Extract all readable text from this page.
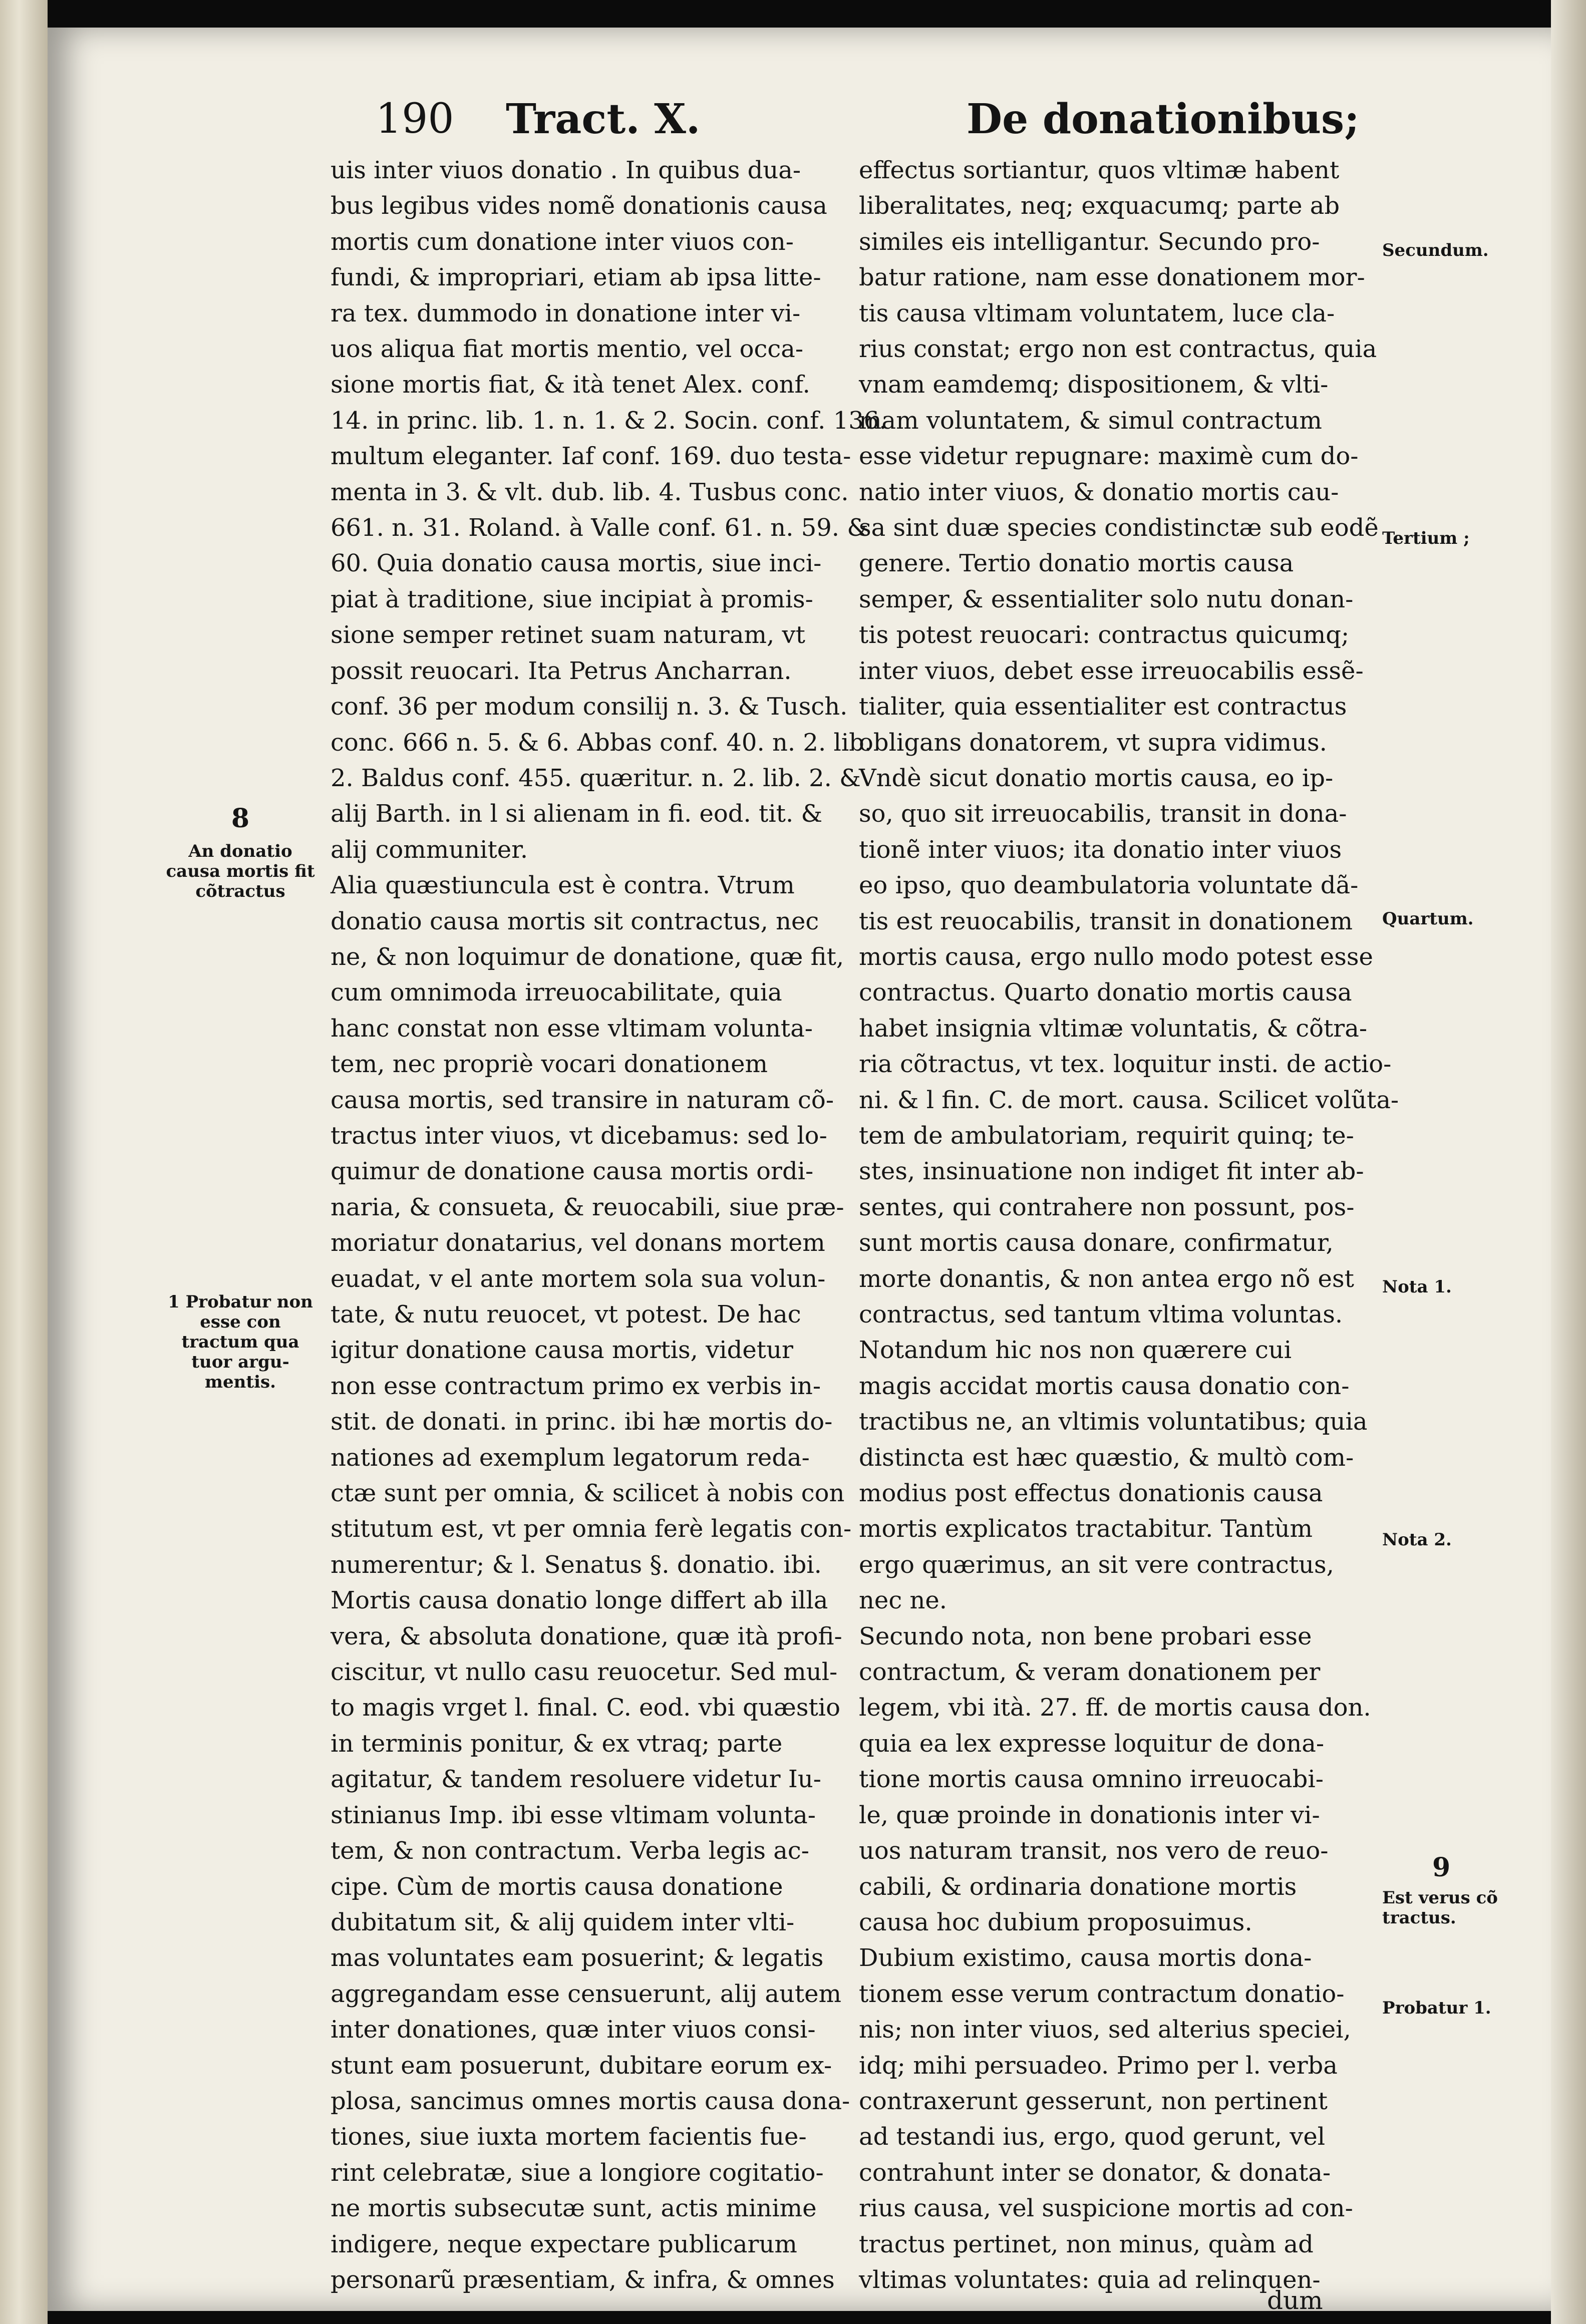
190 Tract. X.	De donationibus;
uis inter viuos donatio . In quibus dua-
bus legibus vides nomẽ donationis causa
mortis cum donatione inter viuos con-
fundi, & impropriari, etiam ab ipsa litte-
ra tex. dummodo in donatione inter vi-
uos aliqua fiat mortis mentio, vel occa-
sione mortis fiat, & ità tenet Alex. conf.
14. in princ. lib. 1. n. 1. & 2. Socin. conf. 136.
multum eleganter. Iaf conf. 169. duo testa-
menta in 3. & vlt. dub. lib. 4. Tusbus conc.
661. n. 31. Roland. à Valle conf. 61. n. 59. &
60. Quia donatio causa mortis, siue inci-
piat à traditione, siue incipiat à promis-
sione semper retinet suam naturam, vt
possit reuocari. Ita Petrus Ancharran.
conf. 36 per modum consilij n. 3. & Tusch.
conc. 666 n. 5. & 6. Abbas conf. 40. n. 2. lib.
2. Baldus conf. 455. quæritur. n. 2. lib. 2. &
alij Barth. in l si alienam in fi. eod. tit. &
alij communiter.
Alia quæstiuncula est è contra. Vtrum
donatio causa mortis sit contractus, nec
ne, & non loquimur de donatione, quæ fit,
cum omnimoda irreuocabilitate, quia
hanc constat non esse vltimam volunta-
tem, nec propriè vocari donationem
causa mortis, sed transire in naturam cõ-
tractus inter viuos, vt dicebamus: sed lo-
quimur de donatione causa mortis ordi-
naria, & consueta, & reuocabili, siue præ-
moriatur donatarius, vel donans mortem
euadat, v el ante mortem sola sua volun-
tate, & nutu reuocet, vt potest. De hac
igitur donatione causa mortis, videtur
non esse contractum primo ex verbis in-
stit. de donati. in princ. ibi hæ mortis do-
nationes ad exemplum legatorum reda-
ctæ sunt per omnia, & scilicet à nobis con
stitutum est, vt per omnia ferè legatis con-
numerentur; & l. Senatus §. donatio. ibi.
Mortis causa donatio longe differt ab illa
vera, & absoluta donatione, quæ ità profi-
ciscitur, vt nullo casu reuocetur. Sed mul-
to magis vrget l. final. C. eod. vbi quæstio
in terminis ponitur, & ex vtraq; parte
agitatur, & tandem resoluere videtur Iu-
stinianus Imp. ibi esse vltimam volunta-
tem, & non contractum. Verba legis ac-
cipe. Cùm de mortis causa donatione
dubitatum sit, & alij quidem inter vlti-
mas voluntates eam posuerint; & legatis
aggregandam esse censuerunt, alij autem
inter donationes, quæ inter viuos consi-
stunt eam posuerunt, dubitare eorum ex-
plosa, sancimus omnes mortis causa dona-
tiones, siue iuxta mortem facientis fue-
rint celebratæ, siue a longiore cogitatio-
ne mortis subsecutæ sunt, actis minime
indigere, neque expectare publicarum
personarũ præsentiam, & infra, & omnes
effectus sortiantur, quos vltimæ habent
liberalitates, neq; exquacumq; parte ab
similes eis intelligantur. Secundo pro-
batur ratione, nam esse donationem mor-
tis causa vltimam voluntatem, luce cla-
rius constat; ergo non est contractus, quia
vnam eamdemq; dispositionem, & vlti-
mam voluntatem, & simul contractum
esse videtur repugnare: maximè cum do-
natio inter viuos, & donatio mortis cau-
sa sint duæ species condistinctæ sub eodẽ
genere. Tertio donatio mortis causa
semper, & essentialiter solo nutu donan-
tis potest reuocari: contractus quicumq;
inter viuos, debet esse irreuocabilis essẽ-
tialiter, quia essentialiter est contractus
obligans donatorem, vt supra vidimus.
Vndè sicut donatio mortis causa, eo ip-
so, quo sit irreuocabilis, transit in dona-
tionẽ inter viuos; ita donatio inter viuos
eo ipso, quo deambulatoria voluntate dã-
tis est reuocabilis, transit in donationem
mortis causa, ergo nullo modo potest esse
contractus. Quarto donatio mortis causa
habet insignia vltimæ voluntatis, & cõtra-
ria cõtractus, vt tex. loquitur insti. de actio-
ni. & l fin. C. de mort. causa. Scilicet volũta-
tem de ambulatoriam, requirit quinq; te-
stes, insinuatione non indiget fit inter ab-
sentes, qui contrahere non possunt, pos-
sunt mortis causa donare, confirmatur,
morte donantis, & non antea ergo nõ est
contractus, sed tantum vltima voluntas.
Notandum hic nos non quærere cui
magis accidat mortis causa donatio con-
tractibus ne, an vltimis voluntatibus; quia
distincta est hæc quæstio, & multò com-
modius post effectus donationis causa
mortis explicatos tractabitur. Tantùm
ergo quærimus, an sit vere contractus,
nec ne.
Secundo nota, non bene probari esse
contractum, & veram donationem per
legem, vbi ità. 27. ff. de mortis causa don.
quia ea lex expresse loquitur de dona-
tione mortis causa omnino irreuocabi-
le, quæ proinde in donationis inter vi-
uos naturam transit, nos vero de reuo-
cabili, & ordinaria donatione mortis
causa hoc dubium proposuimus.
Dubium existimo, causa mortis dona-
tionem esse verum contractum donatio-
nis; non inter viuos, sed alterius speciei,
idq; mihi persuadeo. Primo per l. verba
contraxerunt gesserunt, non pertinent
ad testandi ius, ergo, quod gerunt, vel
contrahunt inter se donator, & donata-
rius causa, vel suspicione mortis ad con-
tractus pertinet, non minus, quàm ad
vltimas voluntates: quia ad relinquen-
8
An donatio causa mortis fit cõtractus
1 Probatur non esse con tractum qua tuor argu- mentis.
Secundum.
Tertium ;
Quartum.
Nota 1.
Nota 2.
9
Est verus cõ tractus.
Probatur 1.
dum
